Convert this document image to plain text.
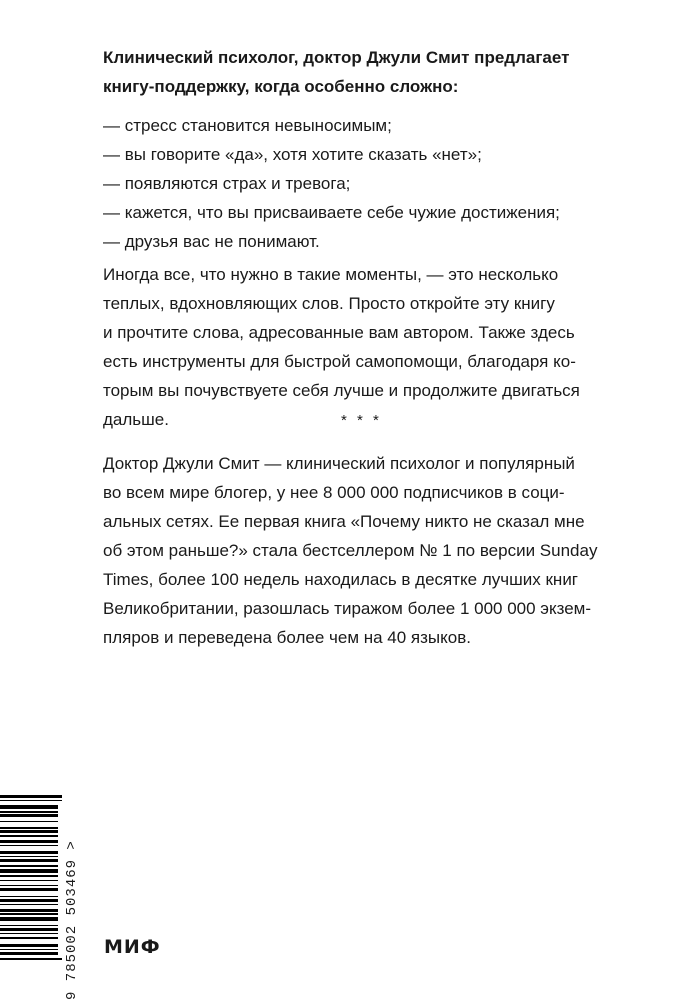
Клинический психолог, доктор Джули Смит предлагает
книгу-поддержку, когда особенно сложно:

— стресс становится невыносимым;
— вы говорите «да», хотя хотите сказать «нет»;
— появляются страх и тревога;
— кажется, что вы присваиваете себе чужие достижения;
— друзья вас не понимают.

Иногда все, что нужно в такие моменты, — это несколько
теплых, вдохновляющих слов. Просто откройте эту книгу
и прочтите слова, адресованные вам автором. Также здесь
есть инструменты для быстрой самопомощи, благодаря ко-
торым вы почувствуете себя лучше и продолжите двигаться
дальше.	* * *

Доктор Джули Смит — клинический психолог и популярный
во всем мире блогер, у нее 8 000 000 подписчиков в соци-
альных сетях. Ее первая книга «Почему никто не сказал мне
об этом раньше?» стала бестселлером № 1 по версии Sunday
Times, более 100 недель находилась в десятке лучших книг
Великобритании, разошлась тиражом более 1 000 000 экзем-
пляров и переведена более чем на 40 языков.

9 785002 503469 > МИФ
